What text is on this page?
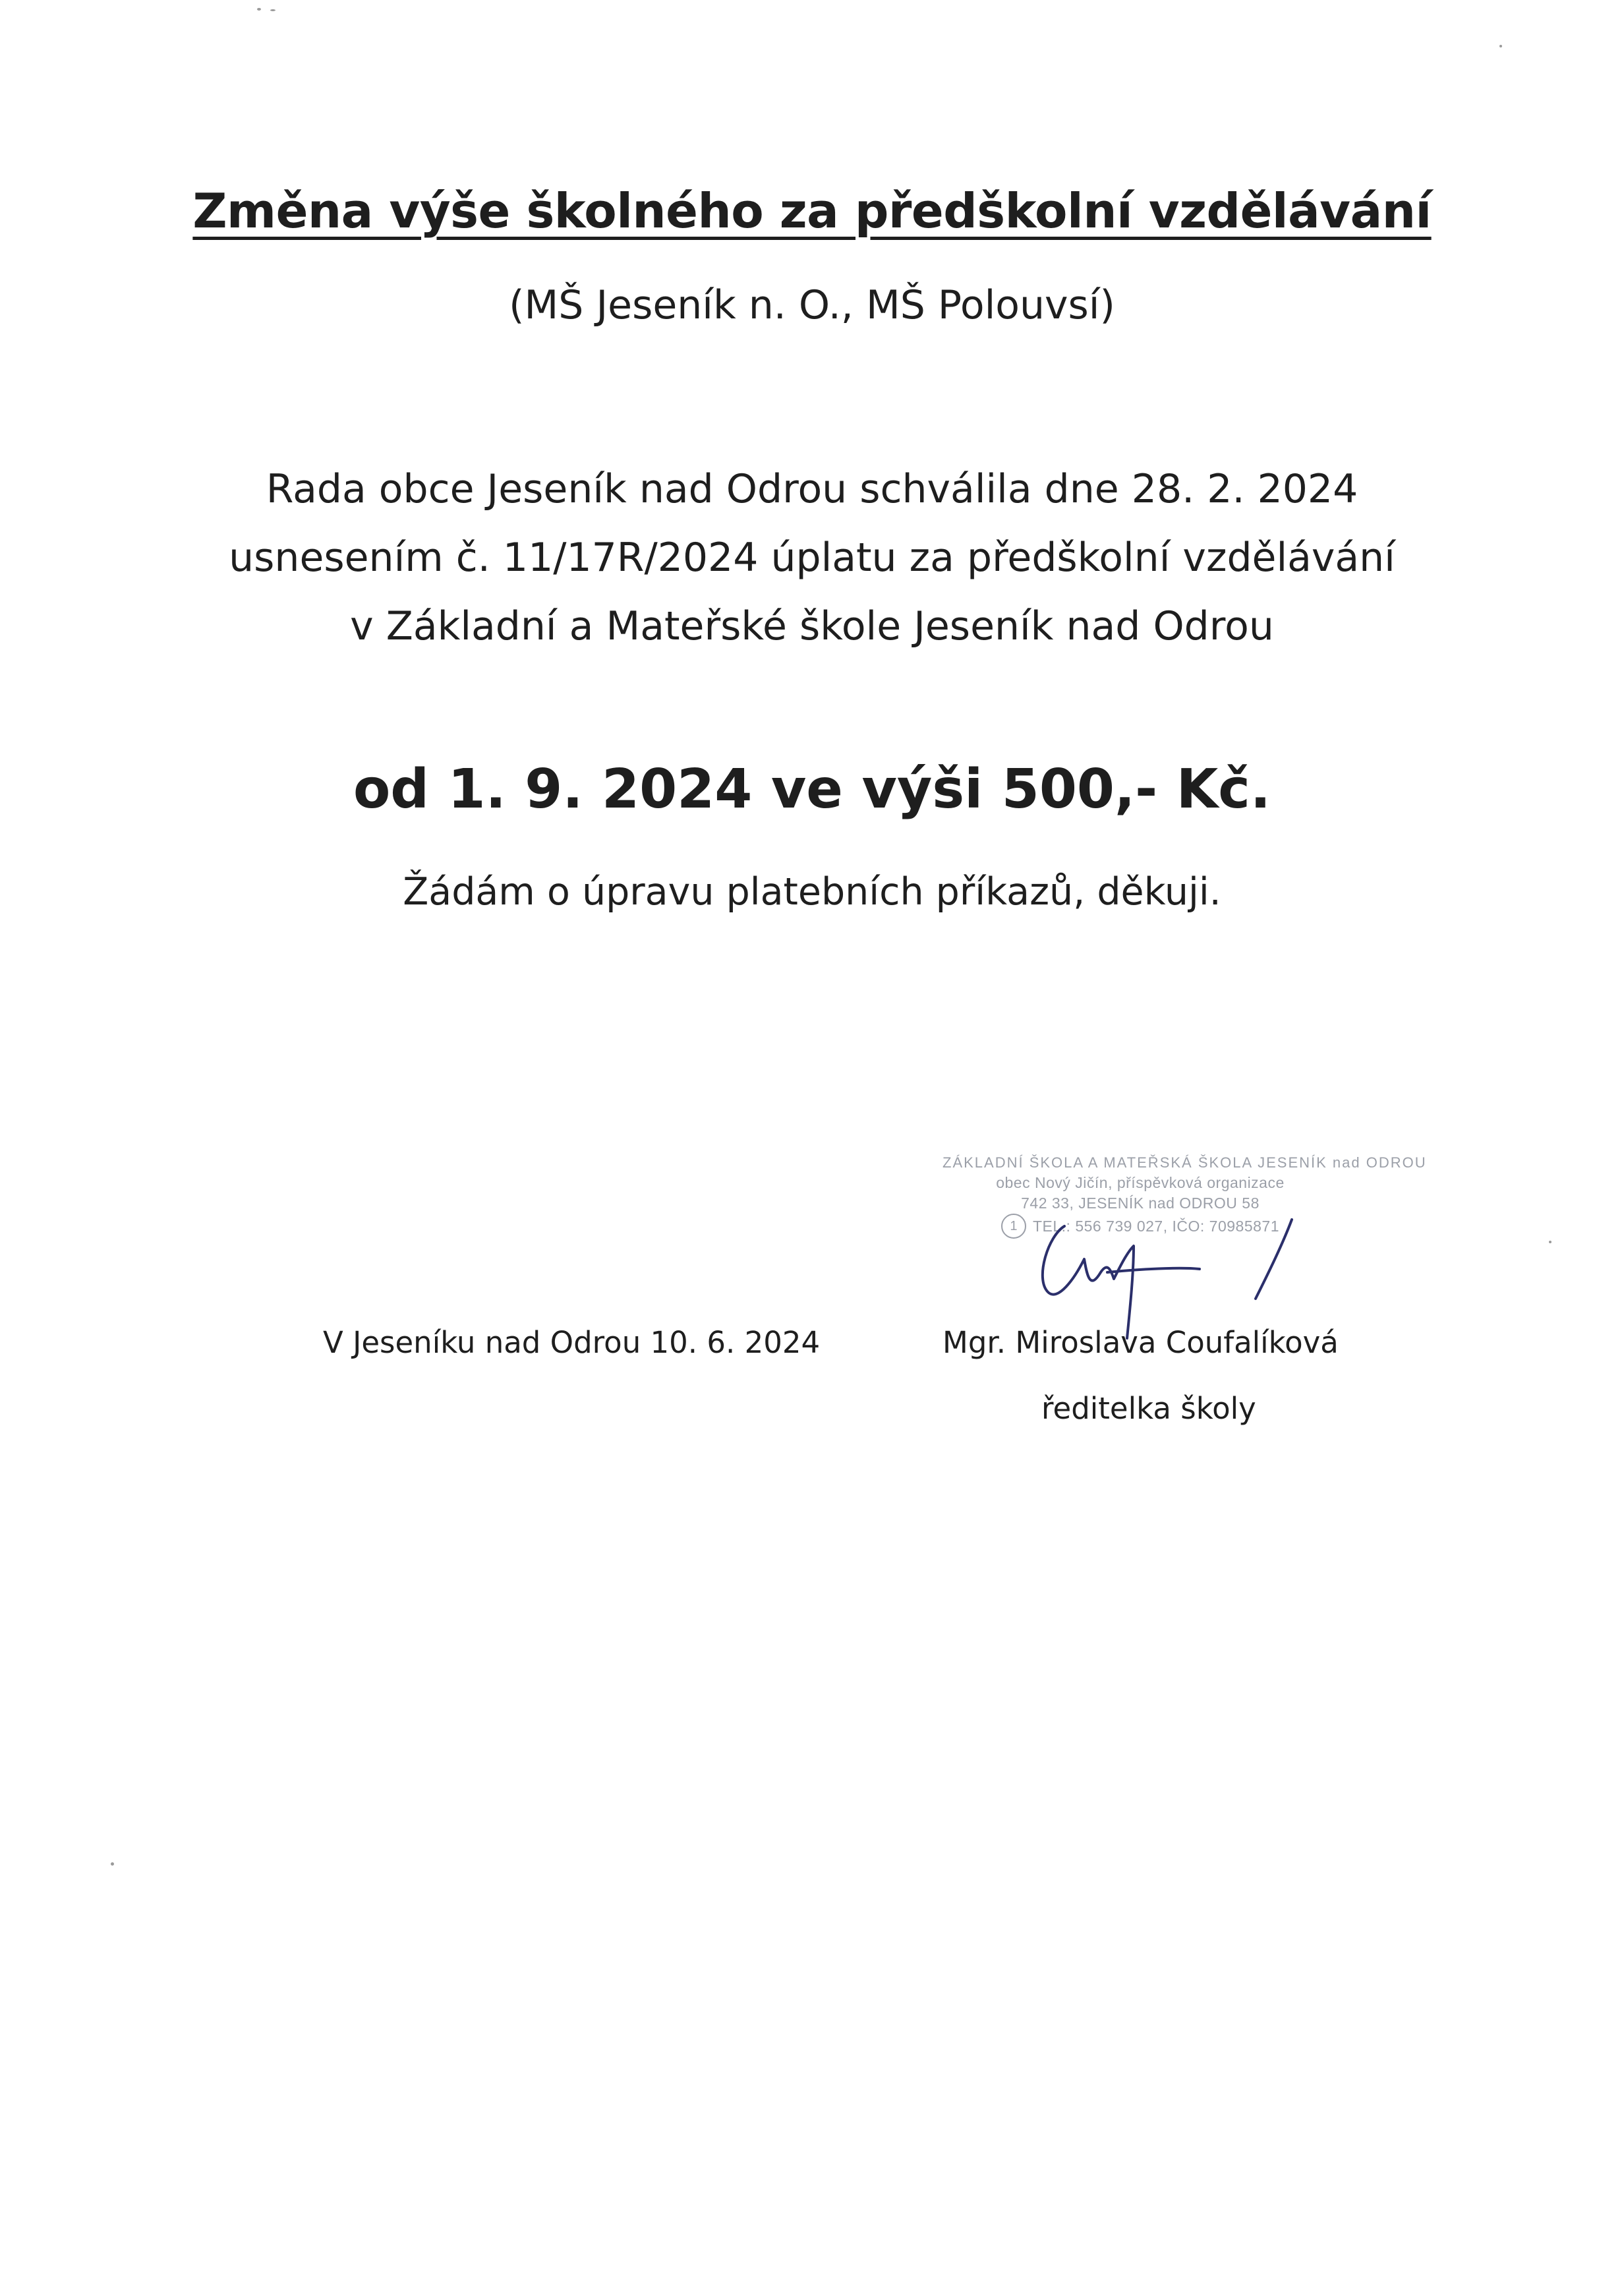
Změna výše školného za předškolní vzdělávání
(MŠ Jeseník n. O., MŠ Polouvsí)
Rada obce Jeseník nad Odrou schválila dne 28. 2. 2024
usnesením č. 11/17R/2024 úplatu za předškolní vzdělávání
v Základní a Mateřské škole Jeseník nad Odrou
od 1. 9. 2024 ve výši 500,- Kč.
Žádám o úpravu platebních příkazů, děkuji.
ZÁKLADNÍ ŠKOLA A MATEŘSKÁ ŠKOLA JESENÍK nad ODROU
obec Nový Jičín, příspěvková organizace
742 33, JESENÍK nad ODROU 58
1	TEL.: 556 739 027, IČO: 70985871
V Jeseníku nad Odrou 10. 6. 2024	Mgr. Miroslava Coufalíková
ředitelka školy
